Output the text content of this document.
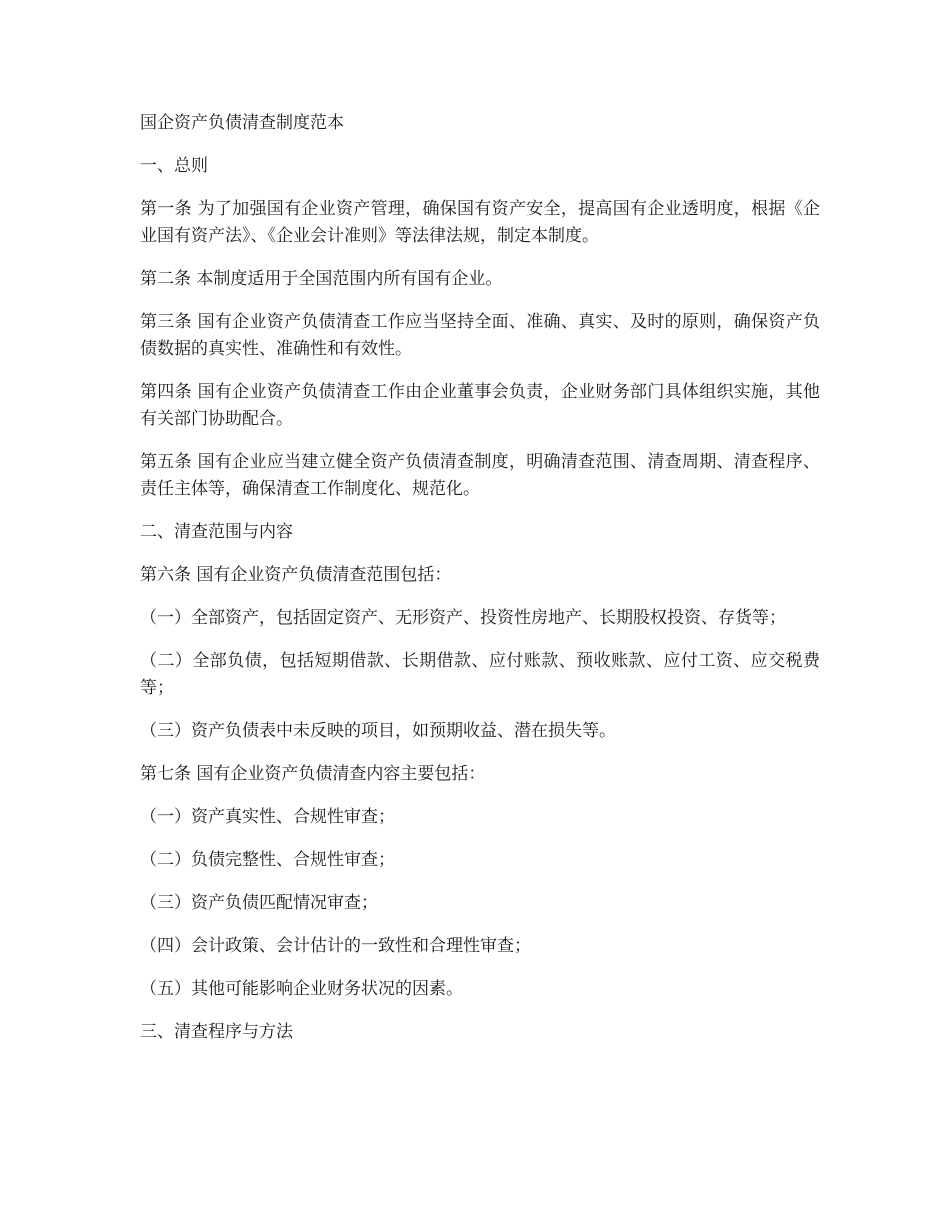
国企资产负债清查制度范本

一、总则

第一条 为了加强国有企业资产管理，确保国有资产安全，提高国有企业透明度，根据《企业国有资产法》、《企业会计准则》等法律法规，制定本制度。

第二条 本制度适用于全国范围内所有国有企业。

第三条 国有企业资产负债清查工作应当坚持全面、准确、真实、及时的原则，确保资产负债数据的真实性、准确性和有效性。

第四条 国有企业资产负债清查工作由企业董事会负责，企业财务部门具体组织实施，其他有关部门协助配合。

第五条 国有企业应当建立健全资产负债清查制度，明确清查范围、清查周期、清查程序、责任主体等，确保清查工作制度化、规范化。

二、清查范围与内容

第六条 国有企业资产负债清查范围包括：

（一）全部资产，包括固定资产、无形资产、投资性房地产、长期股权投资、存货等；

（二）全部负债，包括短期借款、长期借款、应付账款、预收账款、应付工资、应交税费等；

（三）资产负债表中未反映的项目，如预期收益、潜在损失等。

第七条 国有企业资产负债清查内容主要包括：

（一）资产真实性、合规性审查；

（二）负债完整性、合规性审查；

（三）资产负债匹配情况审查；

（四）会计政策、会计估计的一致性和合理性审查；

（五）其他可能影响企业财务状况的因素。

三、清查程序与方法
